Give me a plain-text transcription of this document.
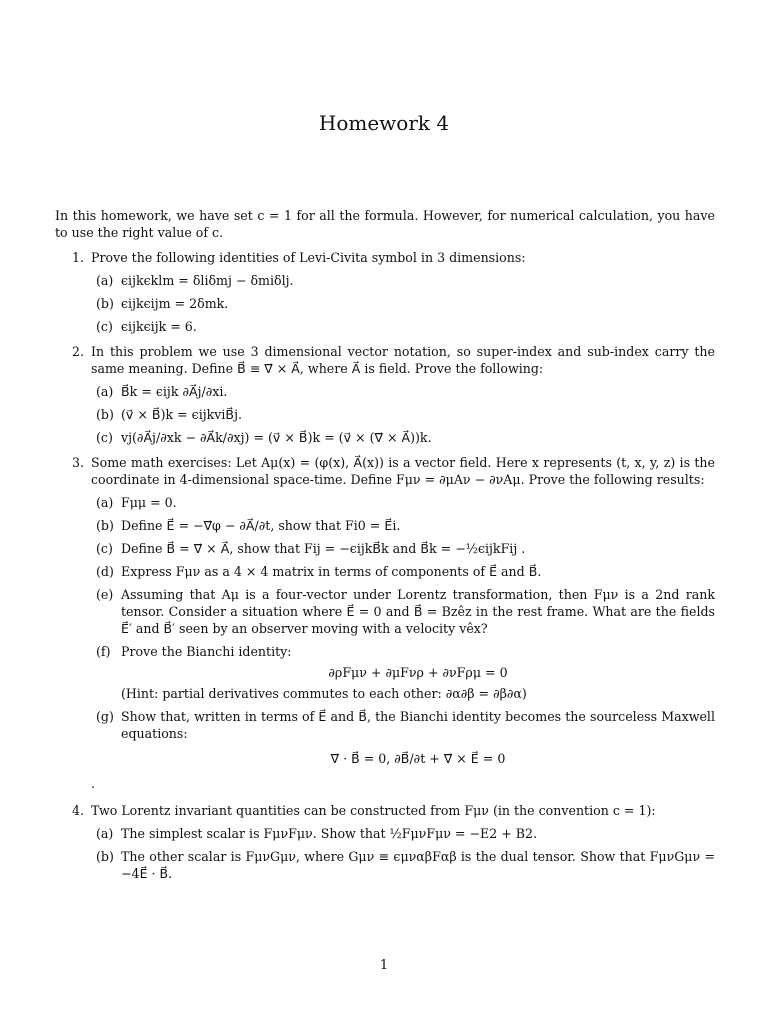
Homework 4

In this homework, we have set c = 1 for all the formula. However, for numerical calculation, you have to use the right value of c.

1. Prove the following identities of Levi-Civita symbol in 3 dimensions:
(a) ϵijkϵklm = δliδmj − δmiδlj.
(b) ϵijkϵijm = 2δmk.
(c) ϵijkϵijk = 6.
2. In this problem we use 3 dimensional vector notation, so super-index and sub-index carry the same meaning. Define B⃗ ≡ ∇⃗ × A⃗, where A⃗ is field. Prove the following:
(a) B⃗k = ϵijk ∂A⃗j/∂xi.
(b) (v⃗ × B⃗)k = ϵijkviB⃗j.
(c) vj(∂A⃗j/∂xk − ∂A⃗k/∂xj) = (v⃗ × B⃗)k = (v⃗ × (∇⃗ × A⃗))k.
3. Some math exercises: Let Aμ(x) = (φ(x), A⃗(x)) is a vector field. Here x represents (t, x, y, z) is the coordinate in 4-dimensional space-time. Define Fμν = ∂μAν − ∂νAμ. Prove the following results:
(a) Fμμ = 0.
(b) Define E⃗ = −∇⃗φ − ∂A⃗/∂t, show that Fi0 = E⃗i.
(c) Define B⃗ = ∇⃗ × A⃗, show that Fij = −ϵijkB⃗k and B⃗k = −½ϵijkFij .
(d) Express Fμν as a 4 × 4 matrix in terms of components of E⃗ and B⃗.
(e) Assuming that Aμ is a four-vector under Lorentz transformation, then Fμν is a 2nd rank tensor. Consider a situation where E⃗ = 0 and B⃗ = Bzêz in the rest frame. What are the fields E⃗′ and B⃗′ seen by an observer moving with a velocity vêx?
(f) Prove the Bianchi identity:
∂ρFμν + ∂μFνρ + ∂νFρμ = 0
(Hint: partial derivatives commutes to each other: ∂α∂β = ∂β∂α)
(g) Show that, written in terms of E⃗ and B⃗, the Bianchi identity becomes the sourceless Maxwell equations:
∇⃗ · B⃗ = 0, ∂B⃗/∂t + ∇⃗ × E⃗ = 0
.
4. Two Lorentz invariant quantities can be constructed from Fμν (in the convention c = 1):
(a) The simplest scalar is FμνFμν. Show that ½FμνFμν = −E2 + B2.
(b) The other scalar is FμνGμν, where Gμν ≡ ϵμναβFαβ is the dual tensor. Show that FμνGμν = −4E⃗ · B⃗.
1
